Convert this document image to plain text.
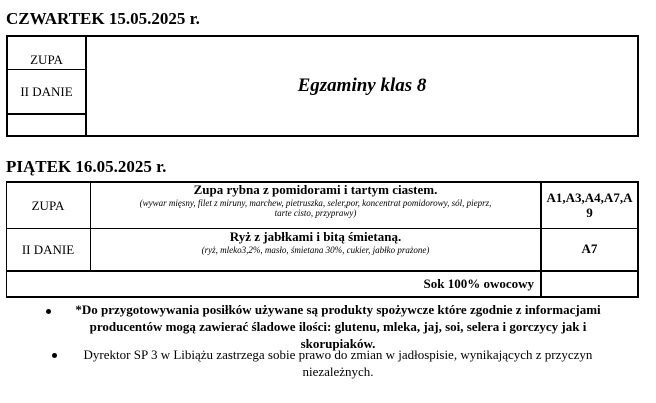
CZWARTEK 15.05.2025 r.
ZUPA
II DANIE	Egzaminy klas 8
PIĄTEK 16.05.2025 r.
ZUPA
Zupa rybna z pomidorami i tartym ciastem.
(wywar mięsny, filet z miruny, marchew, pietruszka, seler,por, koncentrat pomidorowy, sól, pieprz,
tarte cisto, przyprawy)
A1,A3,A4,A7,A
9
II DANIE
Ryż z jabłkami i bitą śmietaną.
(ryż, mleko3,2%, masło, śmietana 30%, cukier, jabłko prażone)	A7
Sok 100% owocowy
*Do przygotowywania posiłków używane są produkty spożywcze które zgodnie z informacjami
producentów mogą zawierać śladowe ilości: glutenu, mleka, jaj, soi, selera i gorczycy jak i
skorupiaków.
Dyrektor SP 3 w Libiążu zastrzega sobie prawo do zmian w jadłospisie, wynikających z przyczyn
niezależnych.
